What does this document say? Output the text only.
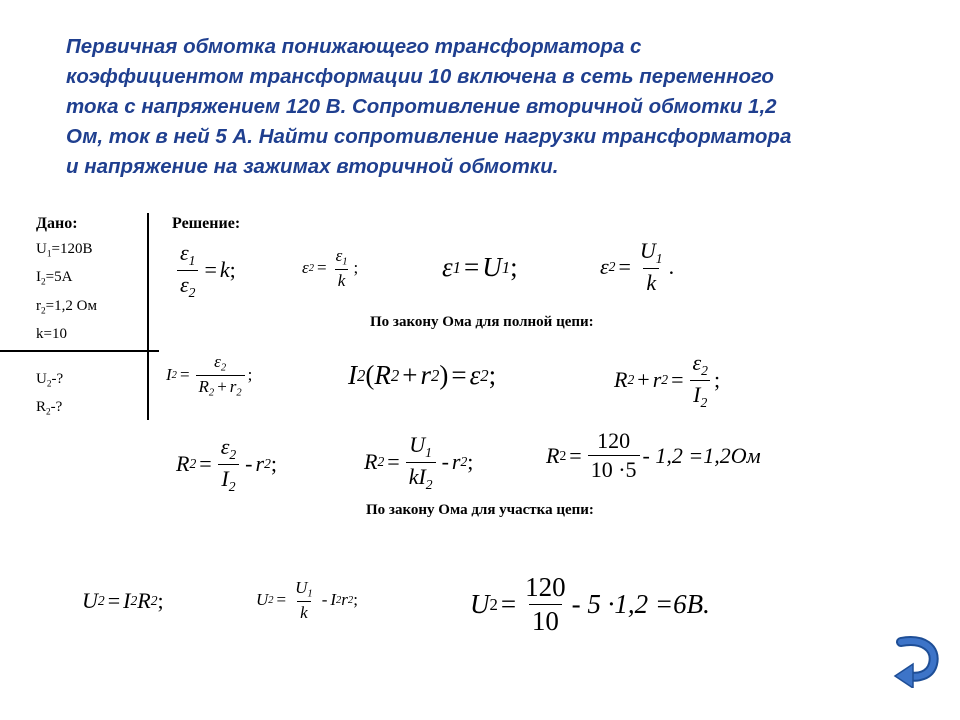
Первичная обмотка понижающего трансформатора с
коэффициентом трансформации 10 включена в сеть переменного
тока с напряжением 120 В. Сопротивление вторичной обмотки 1,2
Ом, ток в ней 5 А. Найти сопротивление нагрузки трансформатора
и напряжение на зажимах вторичной обмотки.
Дано:
$U_1=120В$
$I_2=5А$
$r_2=1,2$ Ом
k=10
$U_2-$?
$R_2-$?
Решение:
$\frac{\varepsilon_1}{\varepsilon_2} = k$ ;	ε $2 = \frac{\varepsilon_1}{k}$ ;	ε 1 = U 1 ;	ε $2 = \frac{U_1}{k}$ .
По закону Ома для полной цепи:
I $2 = \frac{\varepsilon_2}{R_2 + r_2}$ ;	I 2 ( R 2 + r 2 ) = ε 2 ;	R 2 + r $2 = \frac{\varepsilon_2}{I_2}$ ;
R $2 = \frac{\varepsilon_2}{I_2} - r$ 2 ;	R $2 = \frac{U_1}{kI_2} - r$ 2 ;	R $2 = \frac{120}{10 \cdot 5} - 1,2 =1,2Ом$
По закону Ома для участка цепи:
U 2 = I 2 R 2 ;	U $2 = \frac{U_1}{k} - I$ 2 r 2 ;	U $2 = \frac{120}{10} - 5 \cdot 1,2 =6В$.
